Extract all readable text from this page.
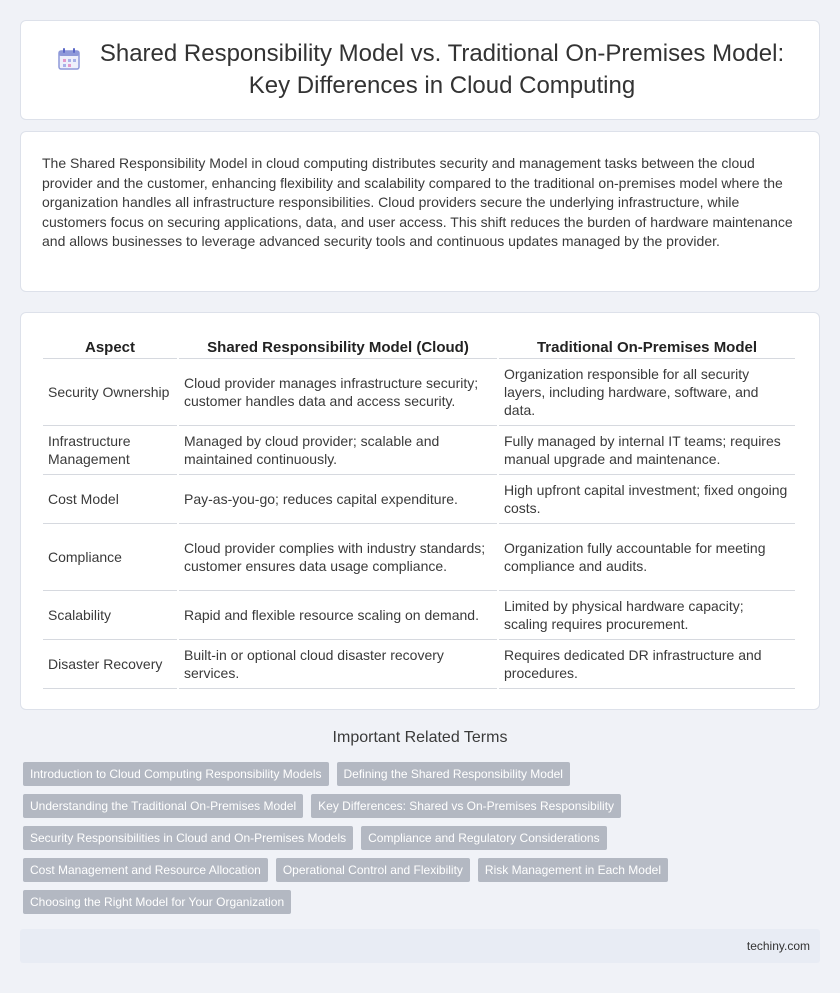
Shared Responsibility Model vs. Traditional On-Premises Model:
Key Differences in Cloud Computing

The Shared Responsibility Model in cloud computing distributes security and management tasks between the cloud provider and the customer, enhancing flexibility and scalability compared to the traditional on-premises model where the organization handles all infrastructure responsibilities. Cloud providers secure the underlying infrastructure, while customers focus on securing applications, data, and user access. This shift reduces the burden of hardware maintenance and allows businesses to leverage advanced security tools and continuous updates managed by the provider.

Aspect	Shared Responsibility Model (Cloud)	Traditional On-Premises Model
Security Ownership	Cloud provider manages infrastructure security; customer handles data and access security.	Organization responsible for all security layers, including hardware, software, and data.
Infrastructure Management	Managed by cloud provider; scalable and maintained continuously.	Fully managed by internal IT teams; requires manual upgrade and maintenance.
Cost Model	Pay-as-you-go; reduces capital expenditure.	High upfront capital investment; fixed ongoing costs.
Compliance	Cloud provider complies with industry standards; customer ensures data usage compliance.	Organization fully accountable for meeting compliance and audits.
Scalability	Rapid and flexible resource scaling on demand.	Limited by physical hardware capacity; scaling requires procurement.
Disaster Recovery	Built-in or optional cloud disaster recovery services.	Requires dedicated DR infrastructure and procedures.
Important Related Terms
Introduction to Cloud Computing Responsibility Models	Defining the Shared Responsibility Model
Understanding the Traditional On-Premises Model	Key Differences: Shared vs On-Premises Responsibility
Security Responsibilities in Cloud and On-Premises Models	Compliance and Regulatory Considerations
Cost Management and Resource Allocation	Operational Control and Flexibility	Risk Management in Each Model
Choosing the Right Model for Your Organization
techiny.com
